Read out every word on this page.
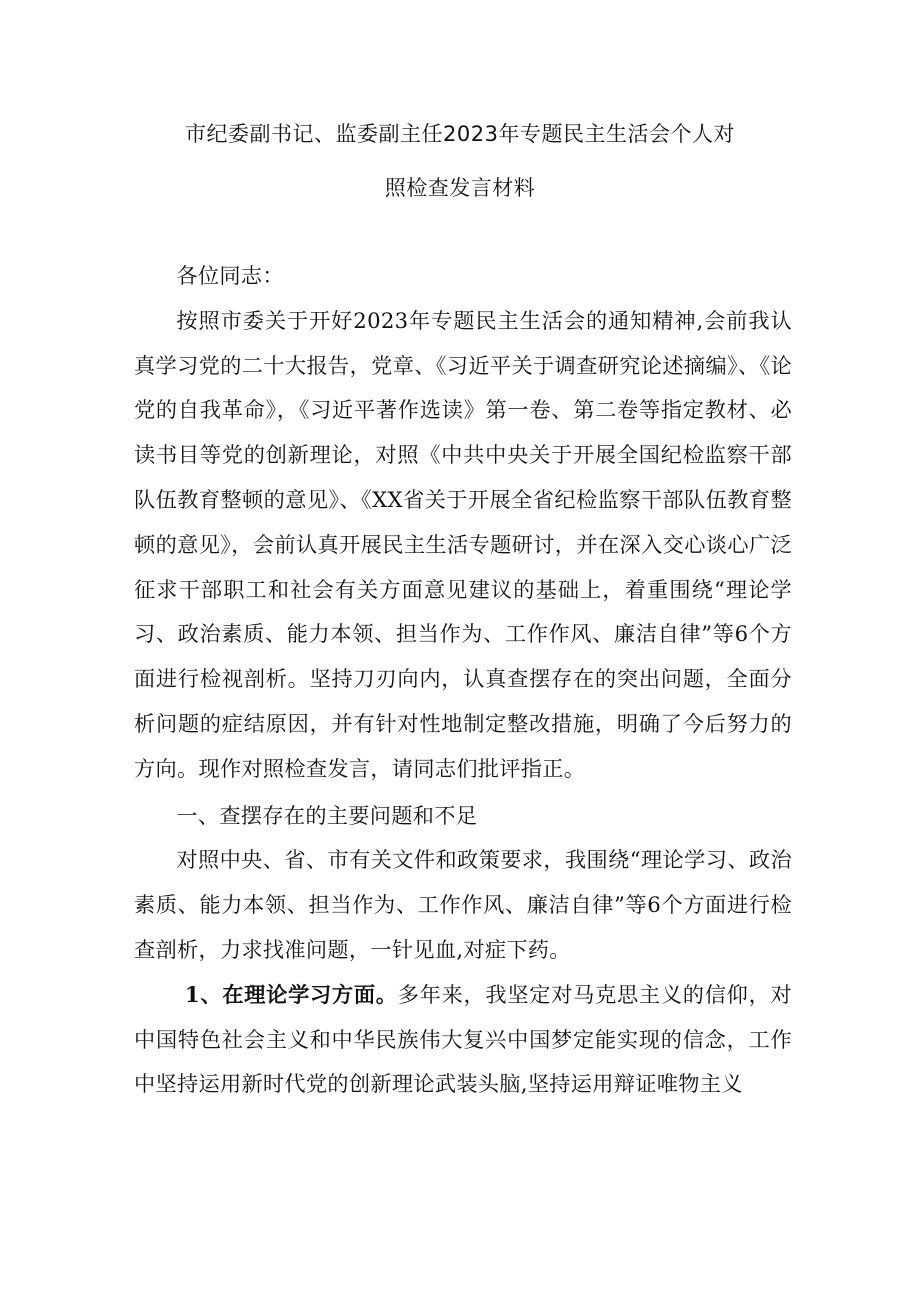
市纪委副书记、监委副主任2023年专题民主生活会个人对
照检查发言材料

各位同志：

按照市委关于开好2023年专题民主生活会的通知精神,会前我认真学习党的二十大报告，党章、《习近平关于调查研究论述摘编》、《论党的自我革命》，《习近平著作选读》第一卷、第二卷等指定教材、必读书目等党的创新理论，对照《中共中央关于开展全国纪检监察干部队伍教育整顿的意见》、《XX省关于开展全省纪检监察干部队伍教育整顿的意见》，会前认真开展民主生活专题研讨，并在深入交心谈心广泛征求干部职工和社会有关方面意见建议的基础上，着重围绕“理论学习、政治素质、能力本领、担当作为、工作作风、廉洁自律”等6个方面进行检视剖析。坚持刀刃向内，认真查摆存在的突出问题，全面分析问题的症结原因，并有针对性地制定整改措施，明确了今后努力的方向。现作对照检查发言，请同志们批评指正。

一、查摆存在的主要问题和不足

对照中央、省、市有关文件和政策要求，我围绕“理论学习、政治素质、能力本领、担当作为、工作作风、廉洁自律”等6个方面进行检查剖析，力求找准问题，一针见血,对症下药。

1、在理论学习方面。多年来，我坚定对马克思主义的信仰，对中国特色社会主义和中华民族伟大复兴中国梦定能实现的信念，工作中坚持运用新时代党的创新理论武装头脑,坚持运用辩证唯物主义
